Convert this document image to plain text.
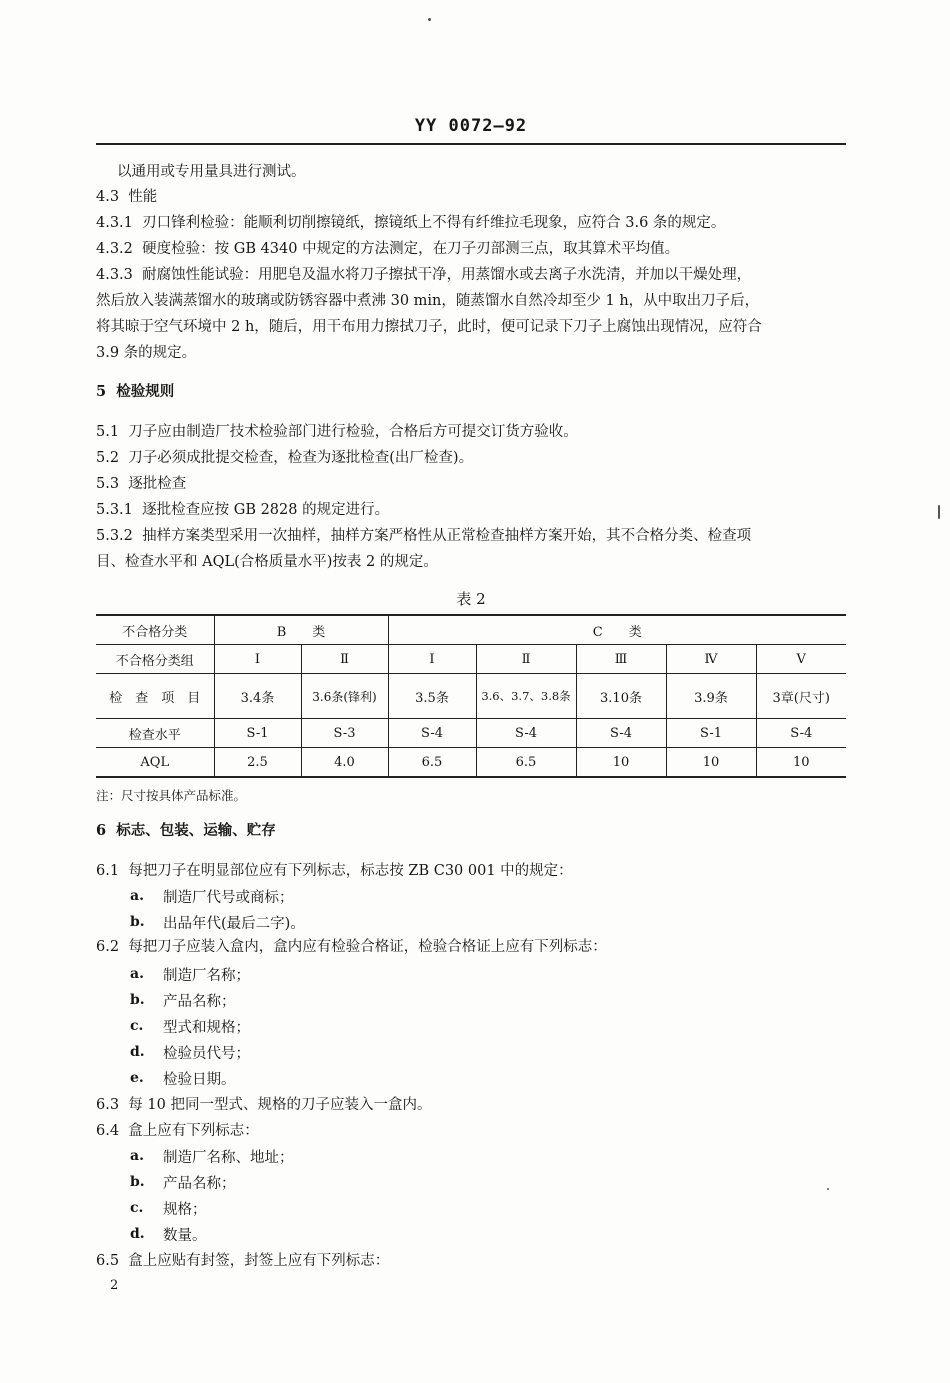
YY 0072—92
以通用或专用量具进行测试。
4.3 性能
4.3.1 刃口锋利检验：能顺利切削擦镜纸，擦镜纸上不得有纤维拉毛现象，应符合 3.6 条的规定。
4.3.2 硬度检验：按 GB 4340 中规定的方法测定，在刀子刃部测三点，取其算术平均值。
4.3.3 耐腐蚀性能试验：用肥皂及温水将刀子擦拭干净，用蒸馏水或去离子水洗清，并加以干燥处理，
然后放入装满蒸馏水的玻璃或防锈容器中煮沸 30 min，随蒸馏水自然冷却至少 1 h，从中取出刀子后，
将其晾于空气环境中 2 h，随后，用干布用力擦拭刀子，此时，便可记录下刀子上腐蚀出现情况，应符合
3.9 条的规定。
5 检验规则
5.1 刀子应由制造厂技术检验部门进行检验，合格后方可提交订货方验收。
5.2 刀子必须成批提交检查，检查为逐批检查(出厂检查)。
5.3 逐批检查
5.3.1 逐批检查应按 GB 2828 的规定进行。
5.3.2 抽样方案类型采用一次抽样，抽样方案严格性从正常检查抽样方案开始，其不合格分类、检查项
目、检查水平和 AQL(合格质量水平)按表 2 的规定。
表 2
不合格分类	B　　类		C　　类				
不合格分类组	Ⅰ	Ⅱ	Ⅰ	Ⅱ	Ⅲ	Ⅳ	Ⅴ
检　查　项　目	3.4条	3.6条(锋利)	3.5条	3.6、3.7、3.8条	3.10条	3.9条	3章(尺寸)
检查水平	S-1	S-3	S-4	S-4	S-4	S-1	S-4
AQL	2.5	4.0	6.5	6.5	10	10	10
注：尺寸按具体产品标准。
6 标志、包装、运输、贮存
6.1 每把刀子在明显部位应有下列标志，标志按 ZB C30 001 中的规定：
a. 制造厂代号或商标；
b. 出品年代(最后二字)。
6.2 每把刀子应装入盒内，盒内应有检验合格证，检验合格证上应有下列标志：
a. 制造厂名称；
b. 产品名称；
c. 型式和规格；
d. 检验员代号；
e. 检验日期。
6.3 每 10 把同一型式、规格的刀子应装入一盒内。
6.4 盒上应有下列标志：
a. 制造厂名称、地址；
b. 产品名称；
c. 规格；
d. 数量。
6.5 盒上应贴有封签，封签上应有下列标志：
2
